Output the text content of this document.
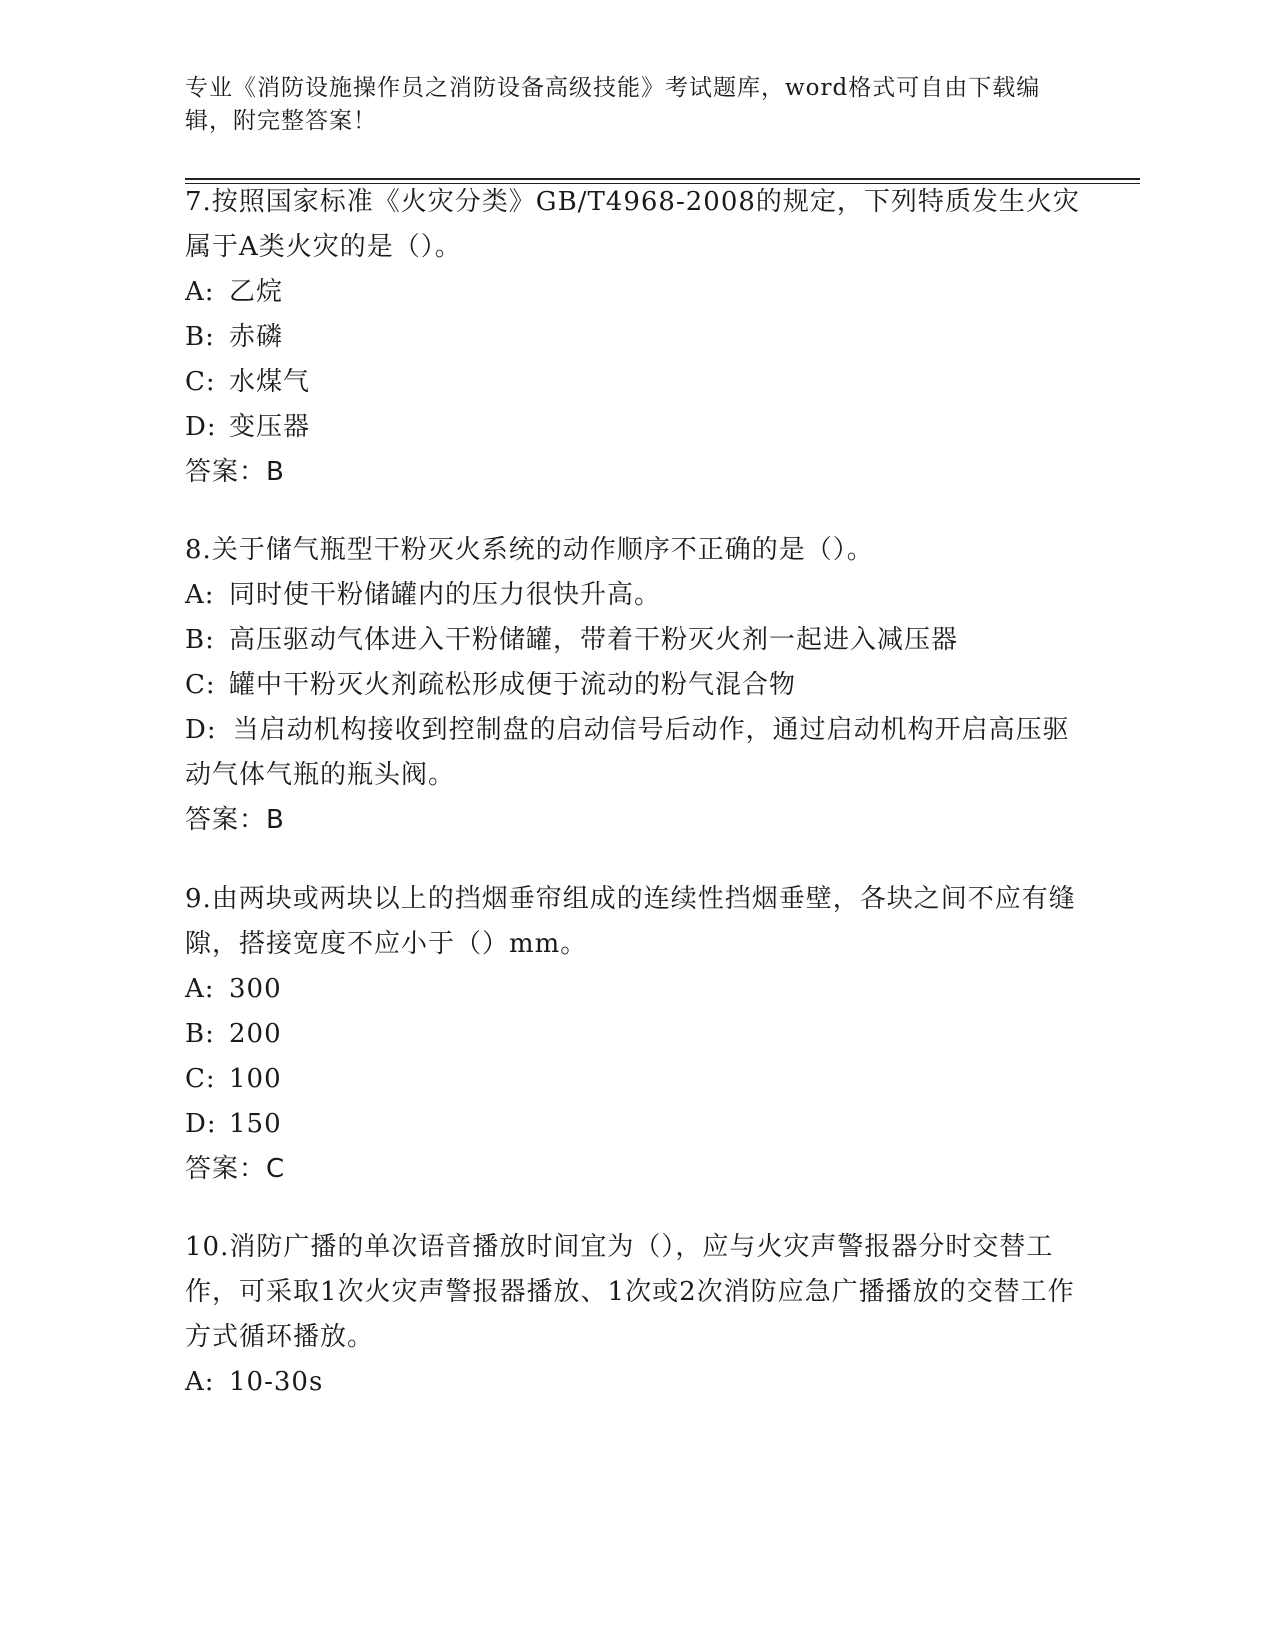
专业《消防设施操作员之消防设备高级技能》考试题库，word格式可自由下载编辑，附完整答案！
7.按照国家标准《火灾分类》GB/T4968-2008的规定，下列特质发生火灾属于A类火灾的是（）。
A: 乙烷
B: 赤磷
C: 水煤气
D: 变压器
答案：B
8.关于储气瓶型干粉灭火系统的动作顺序不正确的是（）。
A: 同时使干粉储罐内的压力很快升高。
B: 高压驱动气体进入干粉储罐，带着干粉灭火剂一起进入减压器
C: 罐中干粉灭火剂疏松形成便于流动的粉气混合物
D: 当启动机构接收到控制盘的启动信号后动作，通过启动机构开启高压驱动气体气瓶的瓶头阀。
答案：B
9.由两块或两块以上的挡烟垂帘组成的连续性挡烟垂壁，各块之间不应有缝隙，搭接宽度不应小于（）mm。
A: 300
B: 200
C: 100
D: 150
答案：C
10.消防广播的单次语音播放时间宜为（），应与火灾声警报器分时交替工作，可采取1次火灾声警报器播放、1次或2次消防应急广播播放的交替工作方式循环播放。
A: 10-30s
